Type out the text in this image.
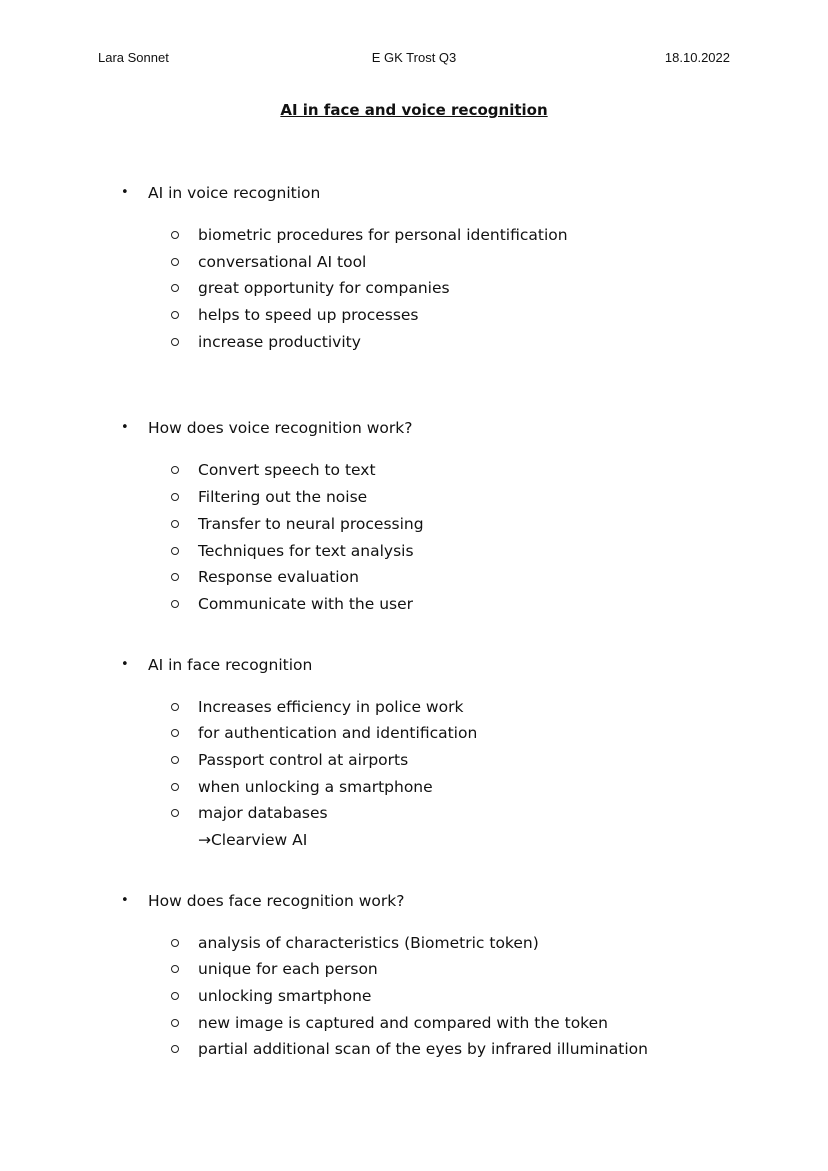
Lara Sonnet	E GK Trost Q3	18.10.2022
AI in face and voice recognition
• AI in voice recognition
biometric procedures for personal identification
conversational AI tool
great opportunity for companies
helps to speed up processes
increase productivity
• How does voice recognition work?
Convert speech to text
Filtering out the noise
Transfer to neural processing
Techniques for text analysis
Response evaluation
Communicate with the user
• AI in face recognition
Increases efficiency in police work
for authentication and identification
Passport control at airports
when unlocking a smartphone
major databases
→Clearview AI
• How does face recognition work?
analysis of characteristics (Biometric token)
unique for each person
unlocking smartphone
new image is captured and compared with the token
partial additional scan of the eyes by infrared illumination
